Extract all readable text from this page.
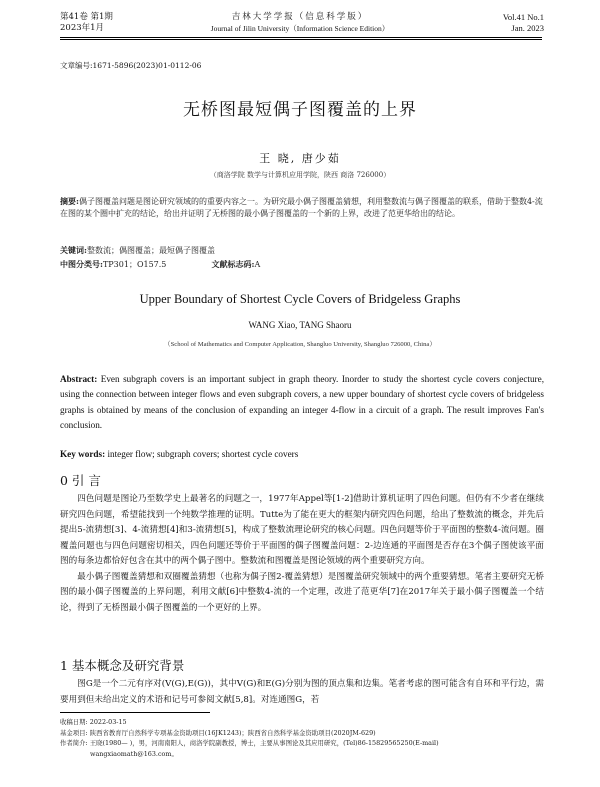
第41卷 第1期
2023年1月
吉林大学学报（信息科学版）
Journal of Jilin University（Information Science Edition）
Vol.41 No.1
Jan. 2023
文章编号:1671-5896(2023)01-0112-06
无桥图最短偶子图覆盖的上界
王 晓, 唐少茹
（商洛学院 数学与计算机应用学院，陕西 商洛 726000）
摘要:偶子图覆盖问题是图论研究领域的的重要内容之一。为研究最小偶子图覆盖猜想，利用整数流与偶子图覆盖的联系，借助于整数4-流在图的某个圈中扩充的结论，给出并证明了无桥图的最小偶子图覆盖的一个新的上界，改进了范更华给出的结论。
关键词:整数流；偶图覆盖；最短偶子图覆盖
中图分类号:TP301；O157.5	文献标志码:A
Upper Boundary of Shortest Cycle Covers of Bridgeless Graphs
WANG Xiao, TANG Shaoru
（School of Mathematics and Computer Application, Shangluo University, Shangluo 726000, China）
Abstract: Even subgraph covers is an important subject in graph theory. Inorder to study the shortest cycle covers conjecture, using the connection between integer flows and even subgraph covers, a new upper boundary of shortest cycle covers of bridgeless graphs is obtained by means of the conclusion of expanding an integer 4-flow in a circuit of a graph. The result improves Fan's conclusion.
Key words: integer flow; subgraph covers; shortest cycle covers
0 引 言

四色问题是图论乃至数学史上最著名的问题之一，1977年Appel等[1-2]借助计算机证明了四色问题。但仍有不少者在继续研究四色问题，希望能找到一个纯数学推理的证明。Tutte为了能在更大的框架内研究四色问题，给出了整数流的概念，并先后提出5-流猜想[3]、4-流猜想[4]和3-流猜想[5]，构成了整数流理论研究的核心问题。四色问题等价于平面图的整数4-流问题。圈覆盖问题也与四色问题密切相关，四色问题还等价于平面图的偶子图覆盖问题：2-边连通的平面图是否存在3个偶子图使该平面图的每条边都恰好包含在其中的两个偶子图中。整数流和图覆盖是图论领域的两个重要研究方向。

最小偶子图覆盖猜想和双圈覆盖猜想（也称为偶子图2-覆盖猜想）是图覆盖研究领域中的两个重要猜想。笔者主要研究无桥图的最小偶子图覆盖的上界问题，利用文献[6]中整数4-流的一个定理，改进了范更华[7]在2017年关于最小偶子图覆盖一个结论，得到了无桥图最小偶子图覆盖的一个更好的上界。

1 基本概念及研究背景

图G是一个二元有序对(V(G),E(G))，其中V(G)和E(G)分别为图的顶点集和边集。笔者考虑的图可能含有自环和平行边，需要用到但未给出定义的术语和记号可参阅文献[5,8]。对连通图G，若

收稿日期: 2022-03-15
基金项目: 陕西省教育厅自然科学专项基金资助项目(16JK1243)；陕西省自然科学基金资助项目(2020JM-629)
作者简介: 王晓(1980— )，男，河南南阳人，商洛学院副教授，博士，主要从事图论及其应用研究，(Tel)86-15829565250(E-mail)
wangxiaomath@163.com。
